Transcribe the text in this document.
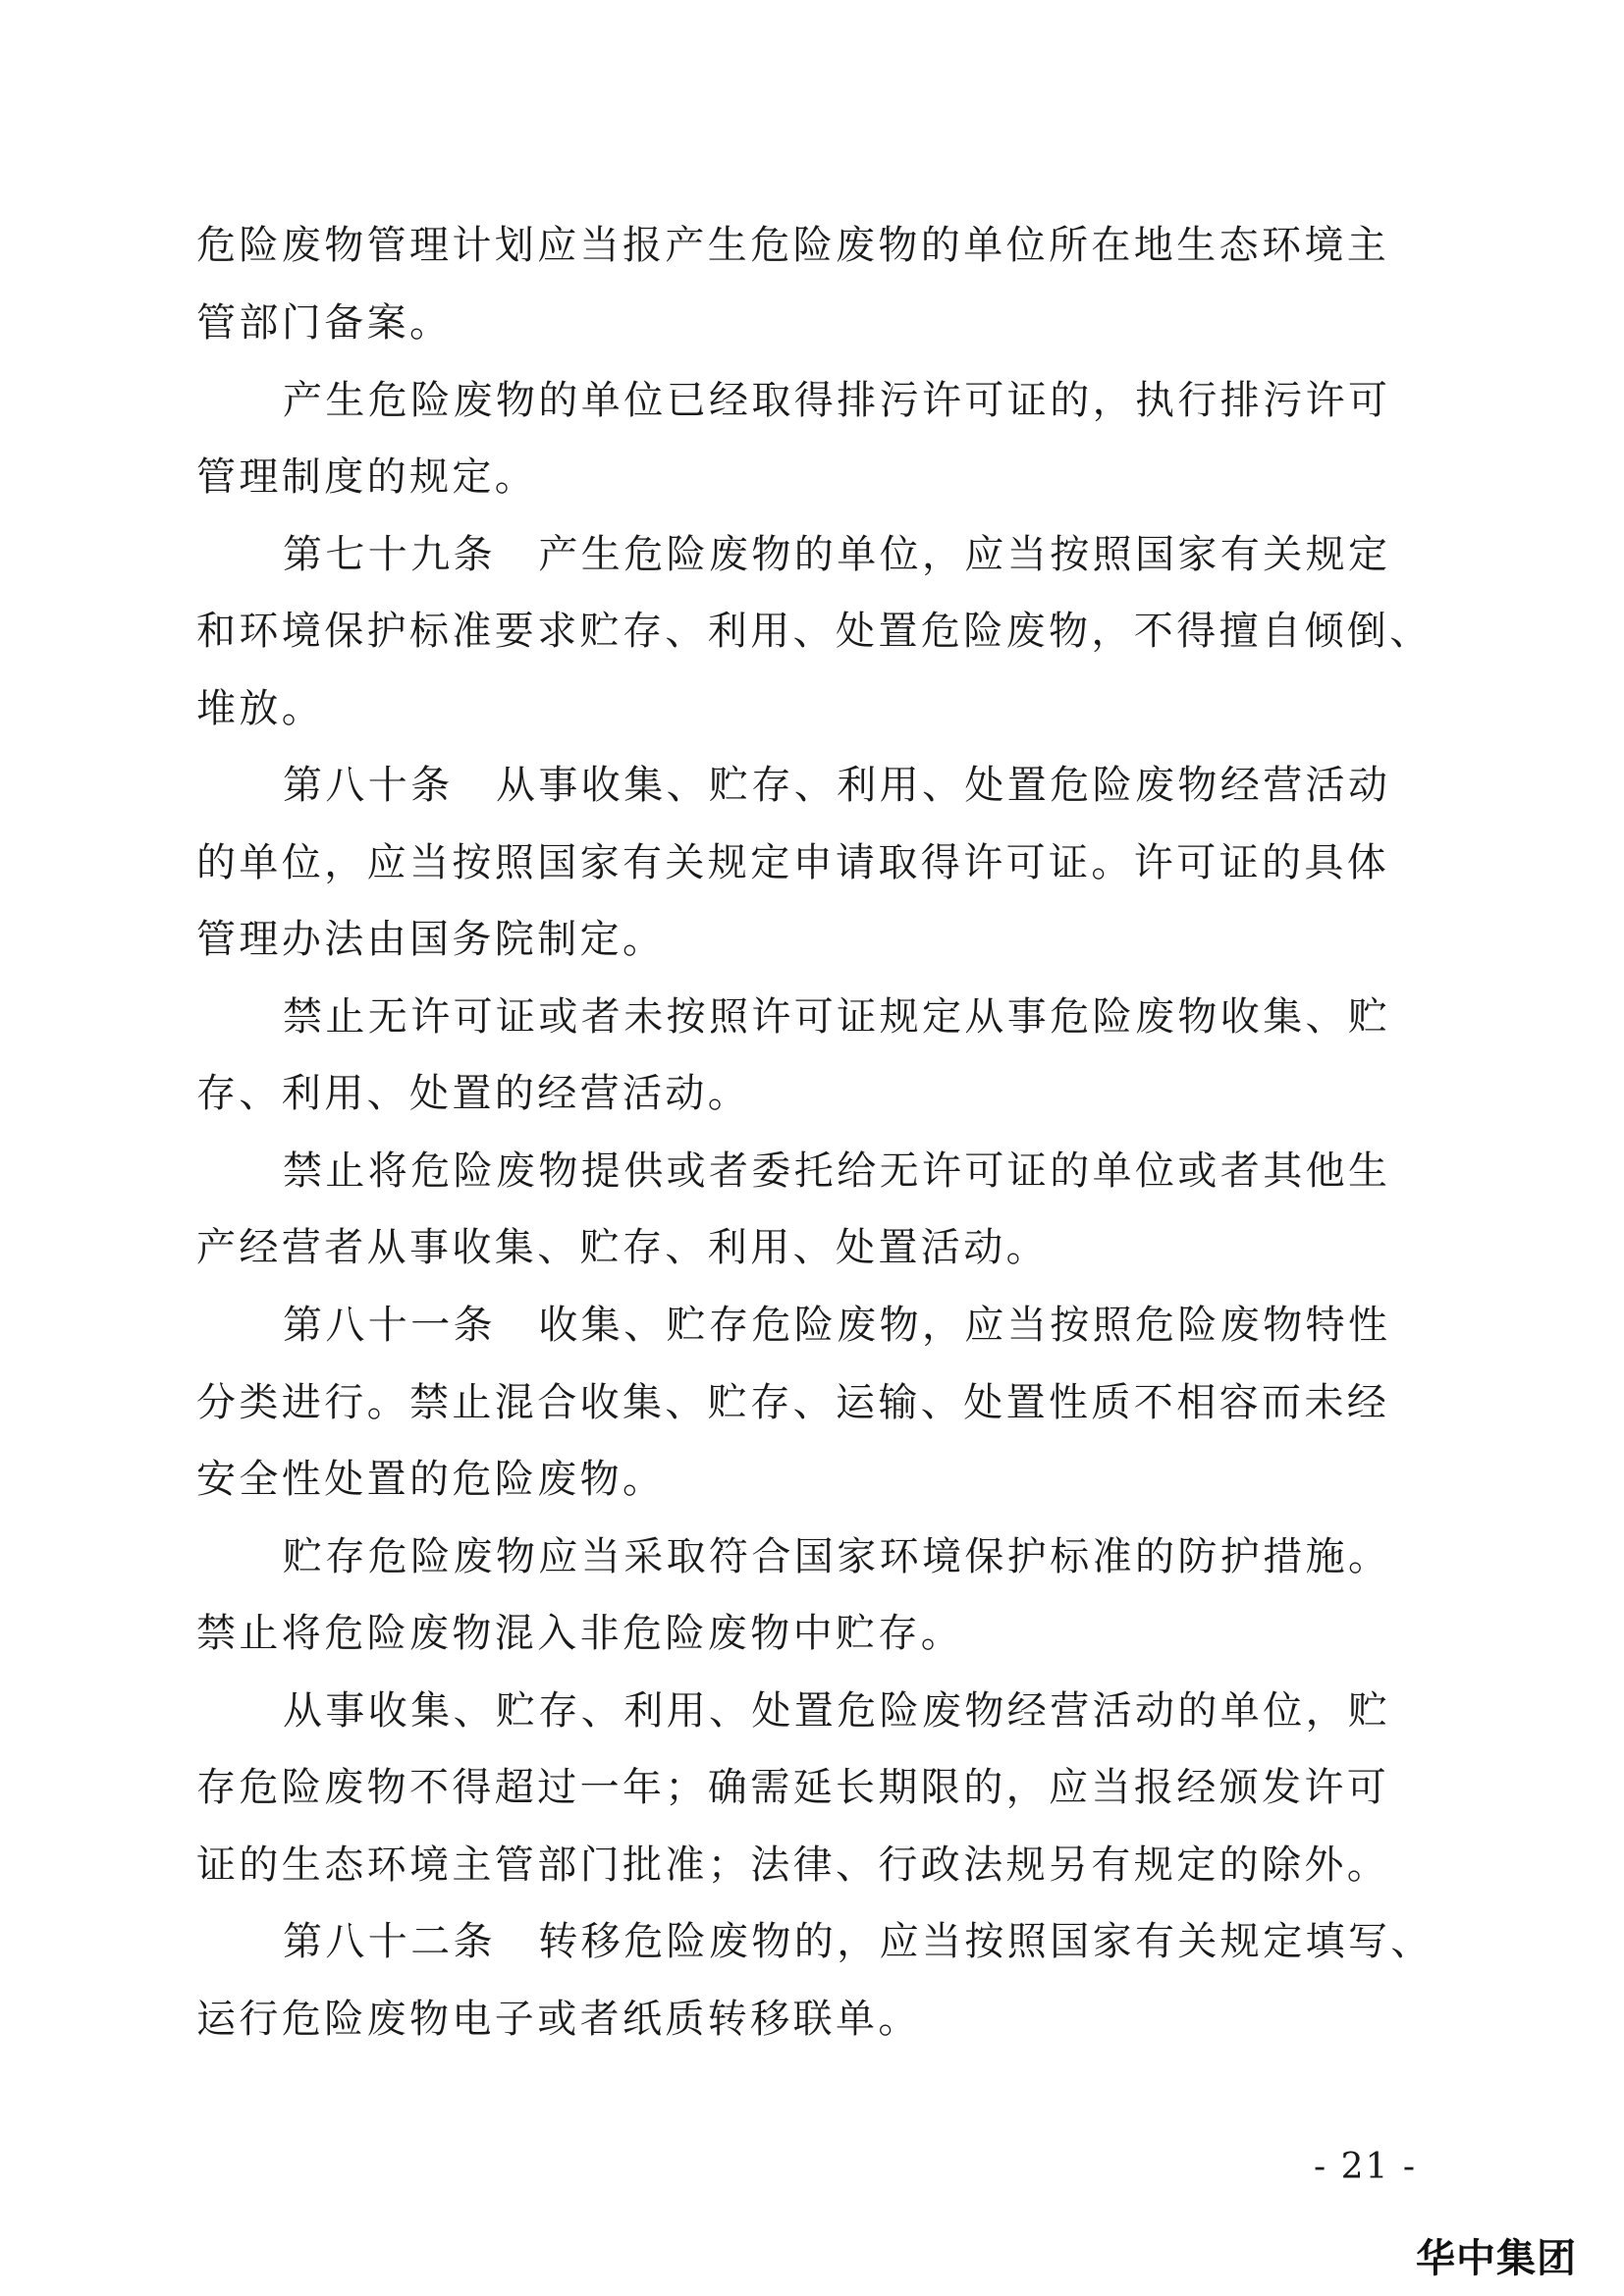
危险废物管理计划应当报产生危险废物的单位所在地生态环境主
管部门备案。
产生危险废物的单位已经取得排污许可证的，执行排污许可
管理制度的规定。
第七十九条　产生危险废物的单位，应当按照国家有关规定
和环境保护标准要求贮存、利用、处置危险废物，不得擅自倾倒、
堆放。
第八十条　从事收集、贮存、利用、处置危险废物经营活动
的单位，应当按照国家有关规定申请取得许可证。许可证的具体
管理办法由国务院制定。
禁止无许可证或者未按照许可证规定从事危险废物收集、贮
存、利用、处置的经营活动。
禁止将危险废物提供或者委托给无许可证的单位或者其他生
产经营者从事收集、贮存、利用、处置活动。
第八十一条　收集、贮存危险废物，应当按照危险废物特性
分类进行。禁止混合收集、贮存、运输、处置性质不相容而未经
安全性处置的危险废物。
贮存危险废物应当采取符合国家环境保护标准的防护措施。
禁止将危险废物混入非危险废物中贮存。
从事收集、贮存、利用、处置危险废物经营活动的单位，贮
存危险废物不得超过一年；确需延长期限的，应当报经颁发许可
证的生态环境主管部门批准；法律、行政法规另有规定的除外。
第八十二条　转移危险废物的，应当按照国家有关规定填写、
运行危险废物电子或者纸质转移联单。
- 21 -
华中集团
